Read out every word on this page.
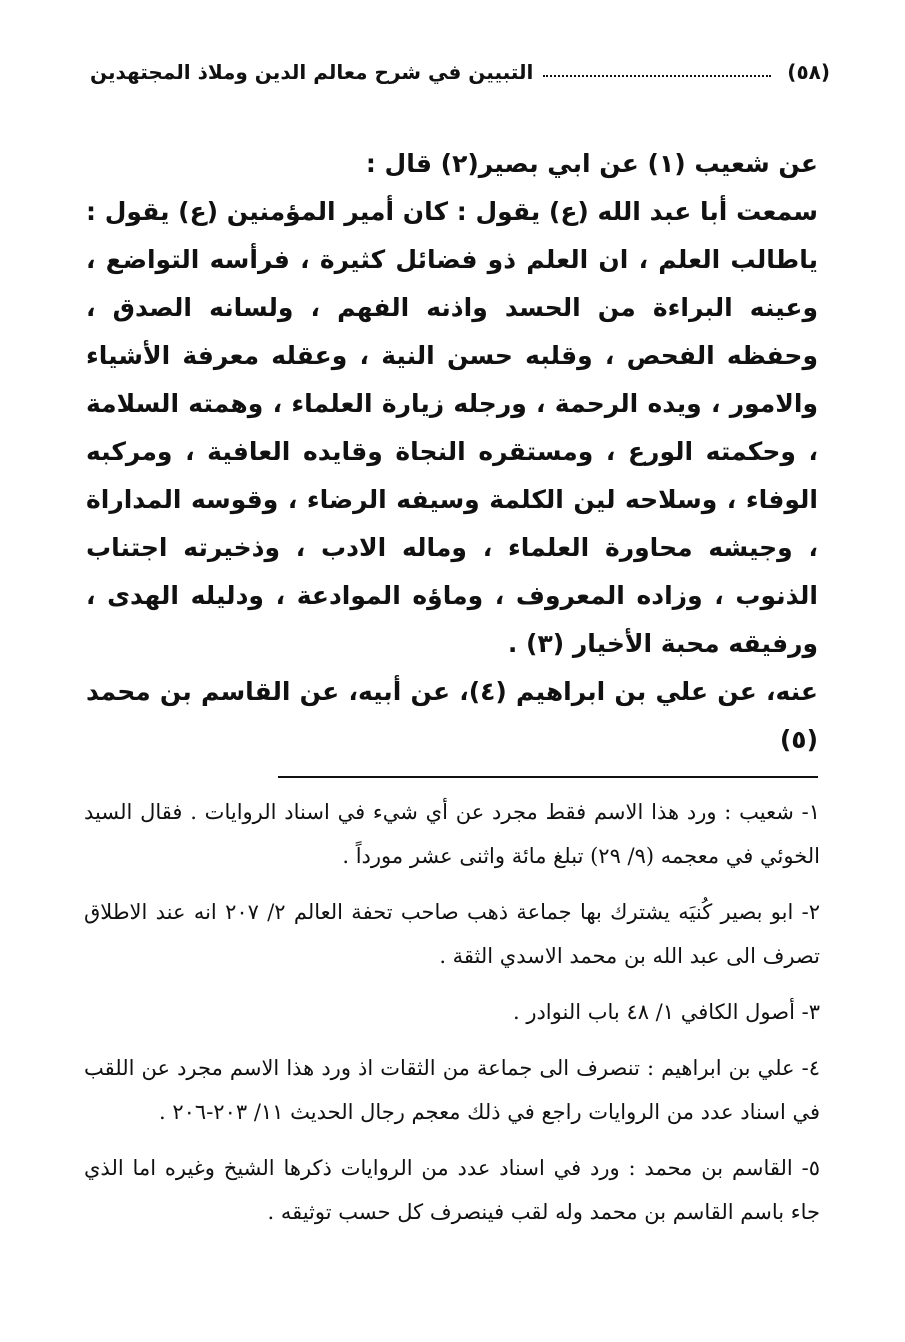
(٥٨)
التبيين في شرح معالم الدين وملاذ المجتهدين

عن شعيب (١) عن ابي بصير(٢) قال :

سمعت أبا عبد الله (ع) يقول : كان أمير المؤمنين (ع) يقول : ياطالب العلم ، ان العلم ذو فضائل كثيرة ، فرأسه التواضع ، وعينه البراءة من الحسد واذنه الفهم ، ولسانه الصدق ، وحفظه الفحص ، وقلبه حسن النية ، وعقله معرفة الأشياء والامور ، ويده الرحمة ، ورجله زيارة العلماء ، وهمته السلامة ، وحكمته الورع ، ومستقره النجاة وقايده العافية ، ومركبه الوفاء ، وسلاحه لين الكلمة وسيفه الرضاء ، وقوسه المداراة ، وجيشه محاورة العلماء ، وماله الادب ، وذخيرته اجتناب الذنوب ، وزاده المعروف ، وماؤه الموادعة ، ودليله الهدى ، ورفيقه محبة الأخيار (٣) .

عنه، عن علي بن ابراهيم (٤)، عن أبيه، عن القاسم بن محمد (٥)

١- شعيب : ورد هذا الاسم فقط مجرد عن أي شيء في اسناد الروايات . فقال السيد الخوئي في معجمه (٩/ ٢٩) تبلغ مائة واثنى عشر مورداً .

٢- ابو بصير كُنيَه يشترك بها جماعة ذهب صاحب تحفة العالم ٢/ ٢٠٧ انه عند الاطلاق تصرف الى عبد الله بن محمد الاسدي الثقة .

٣- أصول الكافي ١/ ٤٨ باب النوادر .

٤- علي بن ابراهيم : تنصرف الى جماعة من الثقات اذ ورد هذا الاسم مجرد عن اللقب في اسناد عدد من الروايات راجع في ذلك معجم رجال الحديث ١١/ ٢٠٣-٢٠٦ .

٥- القاسم بن محمد : ورد في اسناد عدد من الروايات ذكرها الشيخ وغيره اما الذي جاء باسم القاسم بن محمد وله لقب فينصرف كل حسب توثيقه .
